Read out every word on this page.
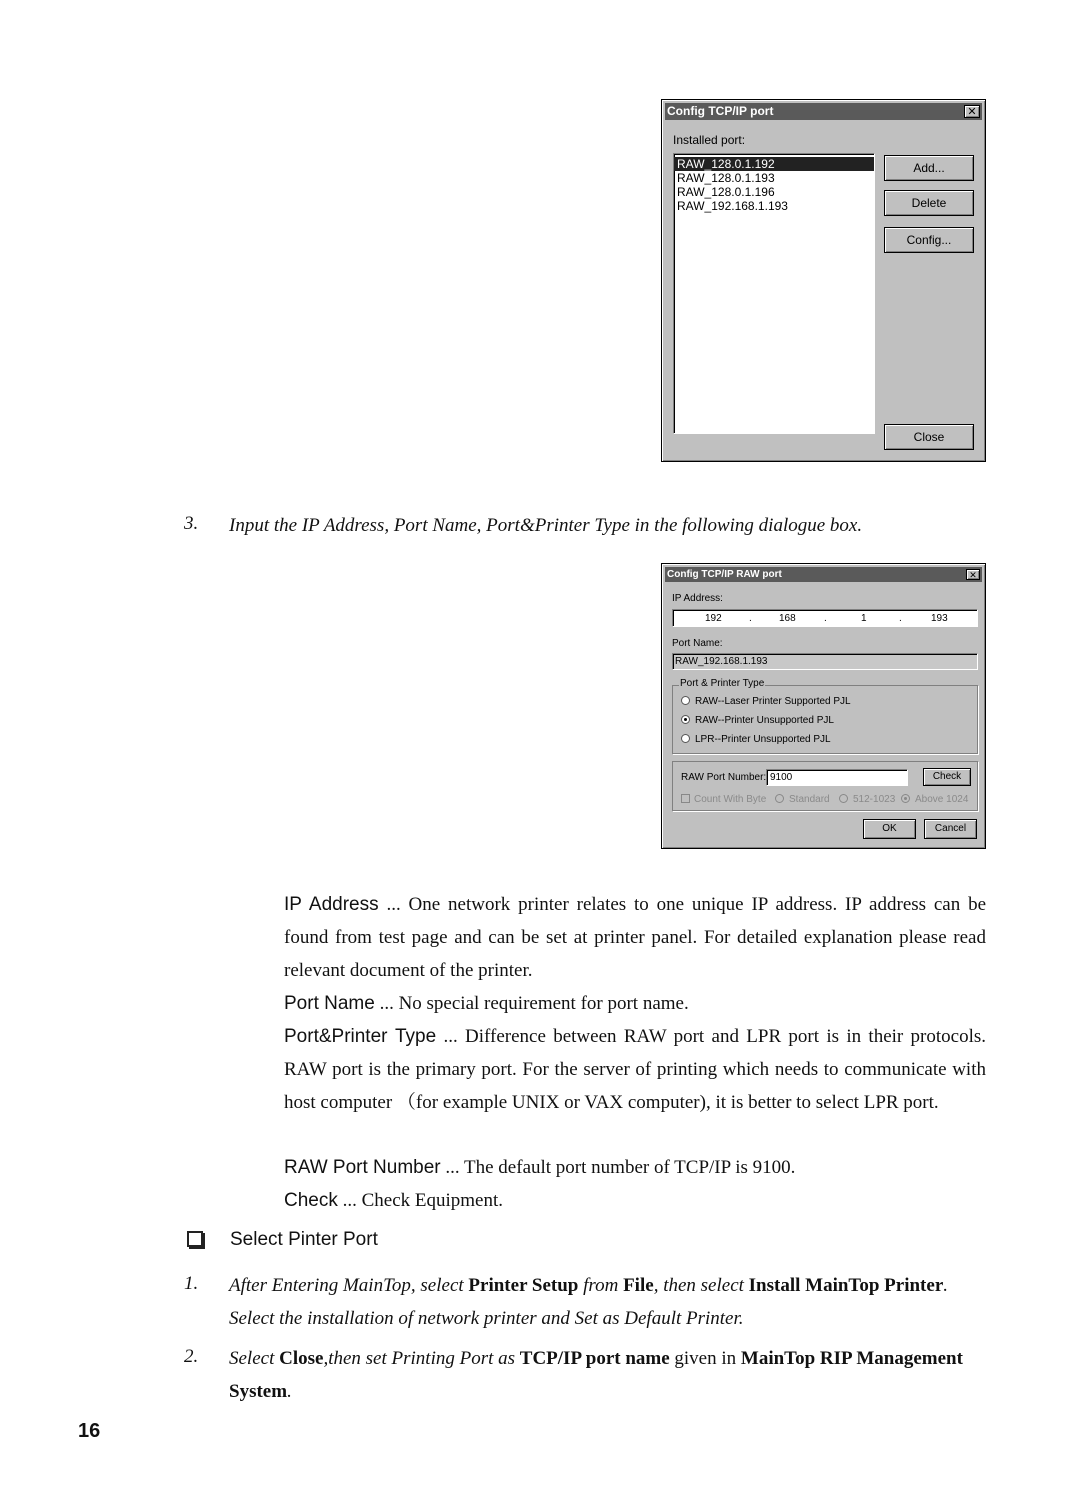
Config TCP/IP port	✕
Installed port:
RAW_128.0.1.192
RAW_128.0.1.193
RAW_128.0.1.196
RAW_192.168.1.193
Add...
Delete
Config...
Close
3. Input the IP Address, Port Name, Port&Printer Type in the following dialogue box.
Config TCP/IP RAW port	✕
IP Address:
192	.	168	.	1	.	193
Port Name:
RAW_192.168.1.193
Port & Printer Type
RAW--Laser Printer Supported PJL
RAW--Printer Unsupported PJL
LPR--Printer Unsupported PJL
RAW Port Number: 9100	Check
Count With Byte	Standard	512-1023	Above 1024
OK	Cancel
IP Address ... One network printer relates to one unique IP address. IP address can be found from test page and can be set at printer panel. For detailed explanation please read relevant document of the printer.
Port Name ... No special requirement for port name.
Port&Printer Type ... Difference between RAW port and LPR port is in their protocols. RAW port is the primary port. For the server of printing which needs to communicate with host computer （for example UNIX or VAX computer), it is better to select LPR port.
RAW Port Number ... The default port number of TCP/IP is 9100.
Check ... Check Equipment.
Select Pinter Port
1. After Entering MainTop, select Printer Setup from File, then select Install MainTop Printer. Select the installation of network printer and Set as Default Printer.
2. Select Close,then set Printing Port as TCP/IP port name given in MainTop RIP Management System.
16
